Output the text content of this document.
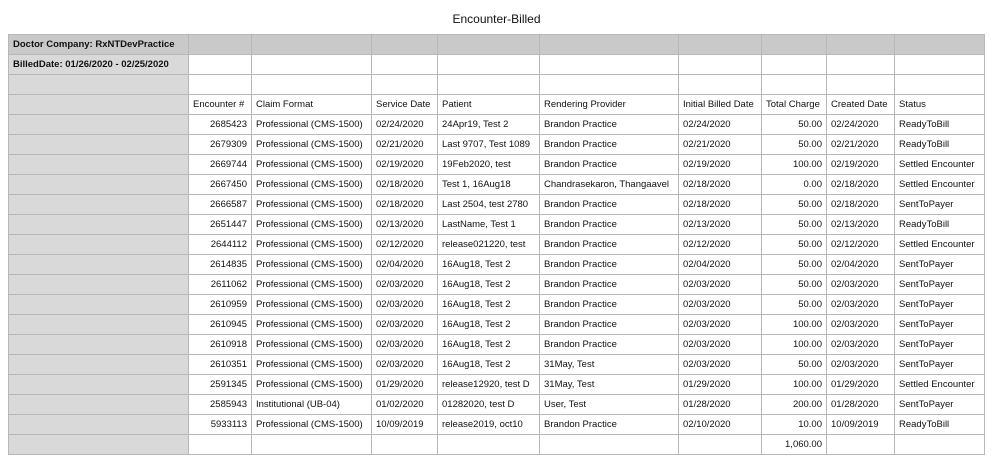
Encounter-Billed
Doctor Company: RxNTDevPractice									
BilledDate: 01/26/2020 - 02/25/2020									

	Encounter #	Claim Format	Service Date	Patient	Rendering Provider	Initial Billed Date	Total Charge	Created Date	Status
	2685423	Professional (CMS-1500)	02/24/2020	24Apr19, Test 2	Brandon Practice	02/24/2020	50.00	02/24/2020	ReadyToBill
	2679309	Professional (CMS-1500)	02/21/2020	Last 9707, Test 1089	Brandon Practice	02/21/2020	50.00	02/21/2020	ReadyToBill
	2669744	Professional (CMS-1500)	02/19/2020	19Feb2020, test	Brandon Practice	02/19/2020	100.00	02/19/2020	Settled Encounter
	2667450	Professional (CMS-1500)	02/18/2020	Test 1, 16Aug18	Chandrasekaron, Thangaavel	02/18/2020	0.00	02/18/2020	Settled Encounter
	2666587	Professional (CMS-1500)	02/18/2020	Last 2504, test 2780	Brandon Practice	02/18/2020	50.00	02/18/2020	SentToPayer
	2651447	Professional (CMS-1500)	02/13/2020	LastName, Test 1	Brandon Practice	02/13/2020	50.00	02/13/2020	ReadyToBill
	2644112	Professional (CMS-1500)	02/12/2020	release021220, test	Brandon Practice	02/12/2020	50.00	02/12/2020	Settled Encounter
	2614835	Professional (CMS-1500)	02/04/2020	16Aug18, Test 2	Brandon Practice	02/04/2020	50.00	02/04/2020	SentToPayer
	2611062	Professional (CMS-1500)	02/03/2020	16Aug18, Test 2	Brandon Practice	02/03/2020	50.00	02/03/2020	SentToPayer
	2610959	Professional (CMS-1500)	02/03/2020	16Aug18, Test 2	Brandon Practice	02/03/2020	50.00	02/03/2020	SentToPayer
	2610945	Professional (CMS-1500)	02/03/2020	16Aug18, Test 2	Brandon Practice	02/03/2020	100.00	02/03/2020	SentToPayer
	2610918	Professional (CMS-1500)	02/03/2020	16Aug18, Test 2	Brandon Practice	02/03/2020	100.00	02/03/2020	SentToPayer
	2610351	Professional (CMS-1500)	02/03/2020	16Aug18, Test 2	31May, Test	02/03/2020	50.00	02/03/2020	SentToPayer
	2591345	Professional (CMS-1500)	01/29/2020	release12920, test D	31May, Test	01/29/2020	100.00	01/29/2020	Settled Encounter
	2585943	Institutional (UB-04)	01/02/2020	01282020, test D	User, Test	01/28/2020	200.00	01/28/2020	SentToPayer
	5933113	Professional (CMS-1500)	10/09/2019	release2019, oct10	Brandon Practice	02/10/2020	10.00	10/09/2019	ReadyToBill
							1,060.00		
